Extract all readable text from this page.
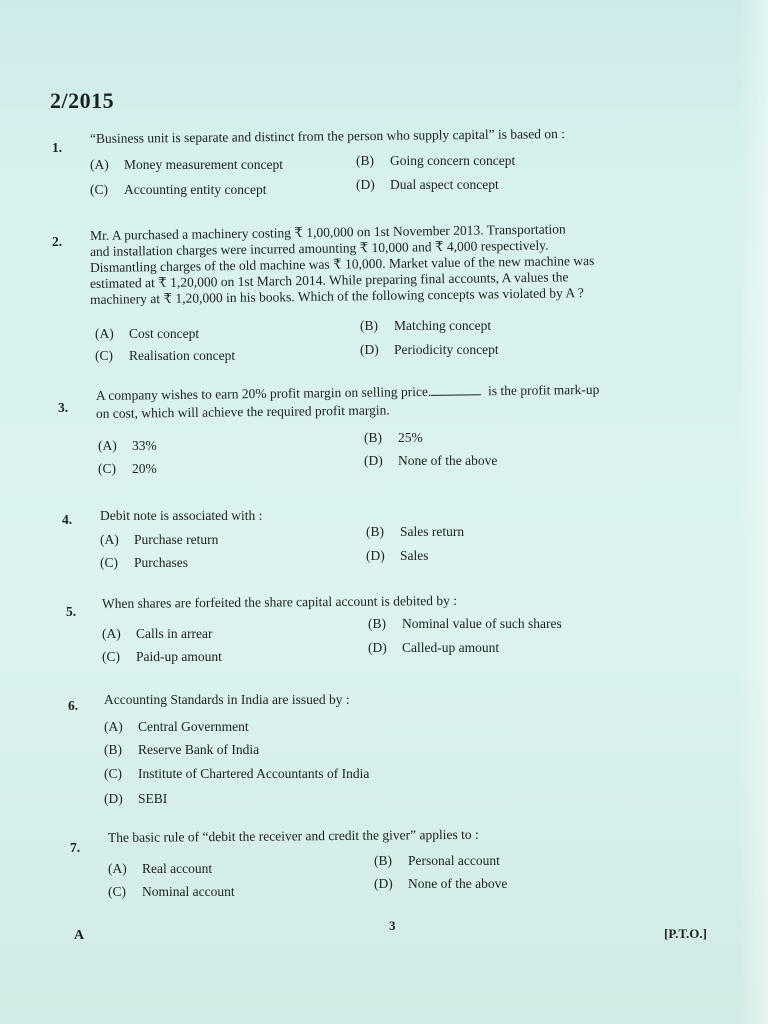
2/2015
1.
“Business unit is separate and distinct from the person who supply capital” is based on :
(A) Money measurement concept	(B) Going concern concept
(C) Accounting entity concept	(D) Dual aspect concept
2. Mr. A purchased a machinery costing ₹ 1,00,000 on 1st November 2013. Transportation
and installation charges were incurred amounting ₹ 10,000 and ₹ 4,000 respectively.
Dismantling charges of the old machine was ₹ 10,000. Market value of the new machine was
estimated at ₹ 1,20,000 on 1st March 2014. While preparing final accounts, A values the
machinery at ₹ 1,20,000 in his books. Which of the following concepts was violated by A ?
(A) Cost concept
(B) Matching concept
(C) Realisation concept	(D) Periodicity concept
3.
A company wishes to earn 20% profit margin on selling price.	is the profit mark-up
on cost, which will achieve the required profit margin.
(A) 33%
(B) 25%
(C) 20%
(D) None of the above
4. Debit note is associated with :
(A) Purchase return
(B) Sales return
(C) Purchases	(D) Sales
5.
When shares are forfeited the share capital account is debited by :
(A) Calls in arrear
(B) Nominal value of such shares
(C) Paid-up amount
(D) Called-up amount
6. Accounting Standards in India are issued by :
(A) Central Government
(B) Reserve Bank of India
(C) Institute of Chartered Accountants of India
(D) SEBI
7.
The basic rule of “debit the receiver and credit the giver” applies to :
(A) Real account
(B) Personal account
(C) Nominal account
(D) None of the above
A
3
[P.T.O.]
